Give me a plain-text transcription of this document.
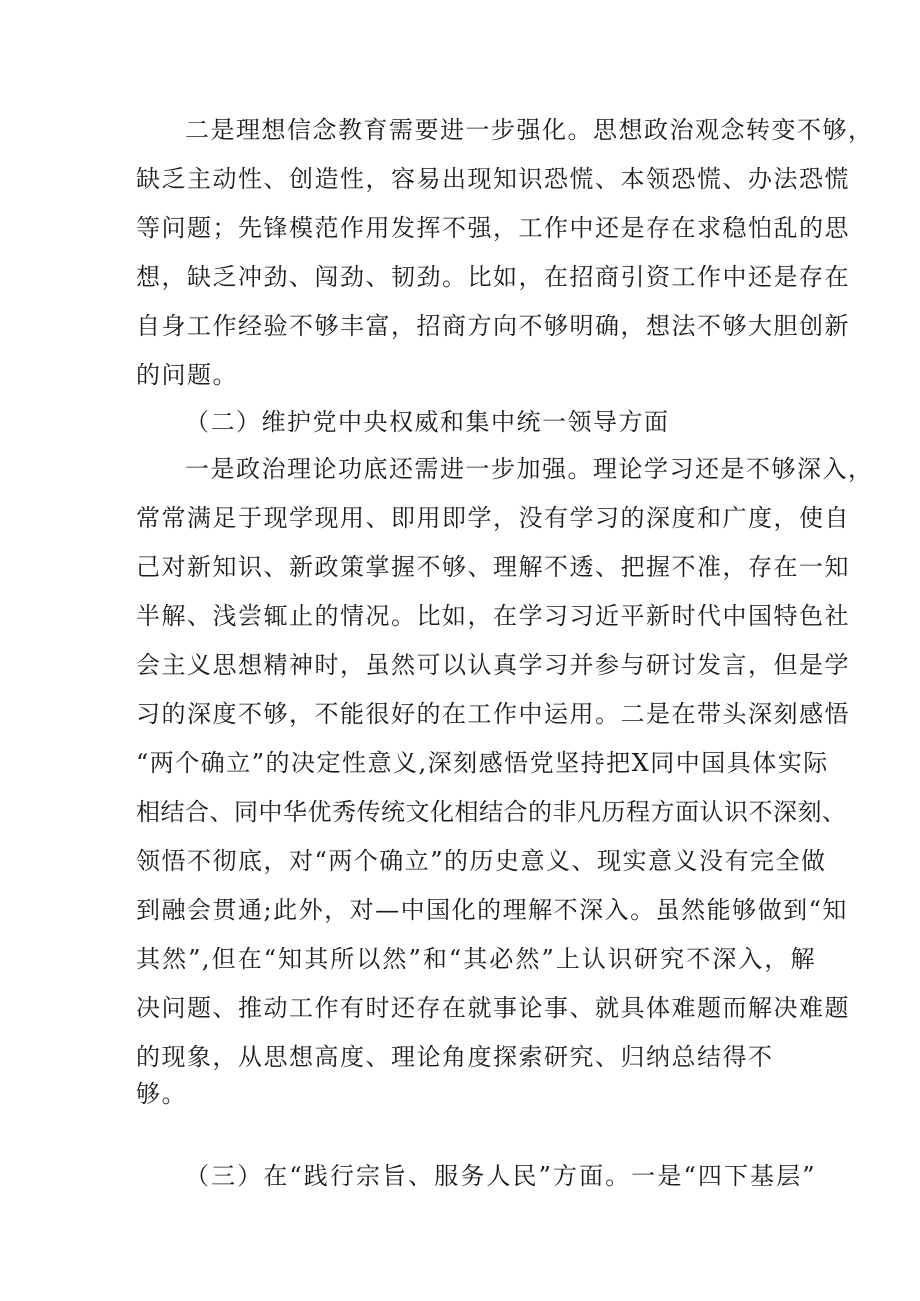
二是理想信念教育需要进一步强化。思想政治观念转变不够，
缺乏主动性、创造性，容易出现知识恐慌、本领恐慌、办法恐慌
等问题；先锋模范作用发挥不强，工作中还是存在求稳怕乱的思
想，缺乏冲劲、闯劲、韧劲。比如，在招商引资工作中还是存在
自身工作经验不够丰富，招商方向不够明确，想法不够大胆创新
的问题。
（二）维护党中央权威和集中统一领导方面
一是政治理论功底还需进一步加强。理论学习还是不够深入，
常常满足于现学现用、即用即学，没有学习的深度和广度，使自
己对新知识、新政策掌握不够、理解不透、把握不准，存在一知
半解、浅尝辄止的情况。比如，在学习习近平新时代中国特色社
会主义思想精神时，虽然可以认真学习并参与研讨发言，但是学
习的深度不够，不能很好的在工作中运用。二是在带头深刻感悟
“两个确立”的决定性意义,深刻感悟党坚持把X同中国具体实际
相结合、同中华优秀传统文化相结合的非凡历程方面认识不深刻、
领悟不彻底，对“两个确立”的历史意义、现实意义没有完全做
到融会贯通;此外，对—中国化的理解不深入。虽然能够做到“知
其然”,但在“知其所以然”和“其必然”上认识研究不深入，解
决问题、推动工作有时还存在就事论事、就具体难题而解决难题
的现象，从思想高度、理论角度探索研究、归纳总结得不
够。
（三）在“践行宗旨、服务人民”方面。一是“四下基层”
